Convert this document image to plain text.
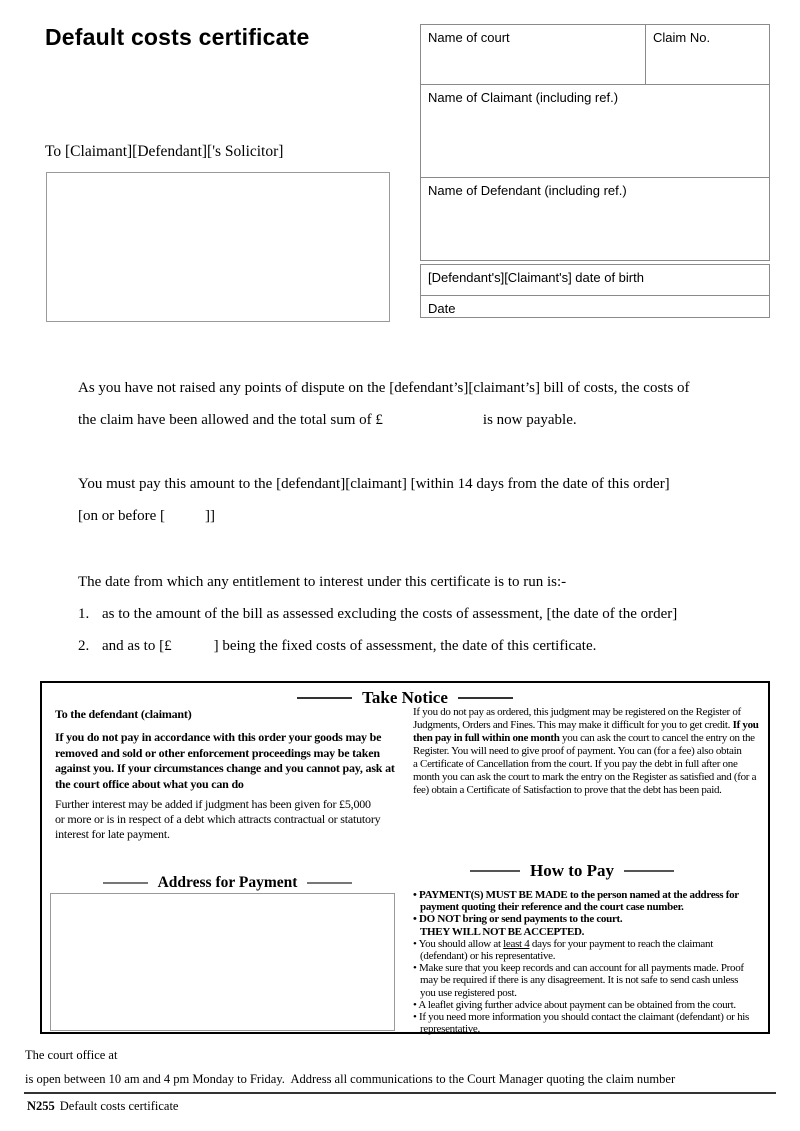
Default costs certificate	Name of court	Claim No.
Name of Claimant (including ref.)
Name of Defendant (including ref.)
[Defendant's][Claimant's] date of birth
Date
To [Claimant][Defendant]['s Solicitor]
As you have not raised any points of dispute on the [defendant’s][claimant’s] bill of costs, the costs of
the claim have been allowed and the total sum of £	is now payable.
You must pay this amount to the [defendant][claimant] [within 14 days from the date of this order]
[on or before [	]]
The date from which any entitlement to interest under this certificate is to run is:-
1. as to the amount of the bill as assessed excluding the costs of assessment, [the date of the order]
2. and as to [£	] being the fixed costs of assessment, the date of this certificate.
Take Notice
To the defendant (claimant)
If you do not pay in accordance with this order your goods may be
removed and sold or other enforcement proceedings may be taken
against you. If your circumstances change and you cannot pay, ask at
the court office about what you can do
Further interest may be added if judgment has been given for £5,000
or more or is in respect of a debt which attracts contractual or statutory
interest for late payment.
If you do not pay as ordered, this judgment may be registered on the Register of
Judgments, Orders and Fines. This may make it difficult for you to get credit. If you
then pay in full within one month you can ask the court to cancel the entry on the
Register. You will need to give proof of payment. You can (for a fee) also obtain
a Certificate of Cancellation from the court. If you pay the debt in full after one
month you can ask the court to mark the entry on the Register as satisfied and (for a
fee) obtain a Certificate of Satisfaction to prove that the debt has been paid.
Address for Payment
How to Pay
• PAYMENT(S) MUST BE MADE to the person named at the address for
payment quoting their reference and the court case number.
• DO NOT bring or send payments to the court.
THEY WILL NOT BE ACCEPTED.
• You should allow at least 4 days for your payment to reach the claimant
(defendant) or his representative.
• Make sure that you keep records and can account for all payments made. Proof
may be required if there is any disagreement. It is not safe to send cash unless
you use registered post.
• A leaflet giving further advice about payment can be obtained from the court.
• If you need more information you should contact the claimant (defendant) or his
representative.
The court office at
is open between 10 am and 4 pm Monday to Friday.  Address all communications to the Court Manager quoting the claim number
N255 Default costs certificate
